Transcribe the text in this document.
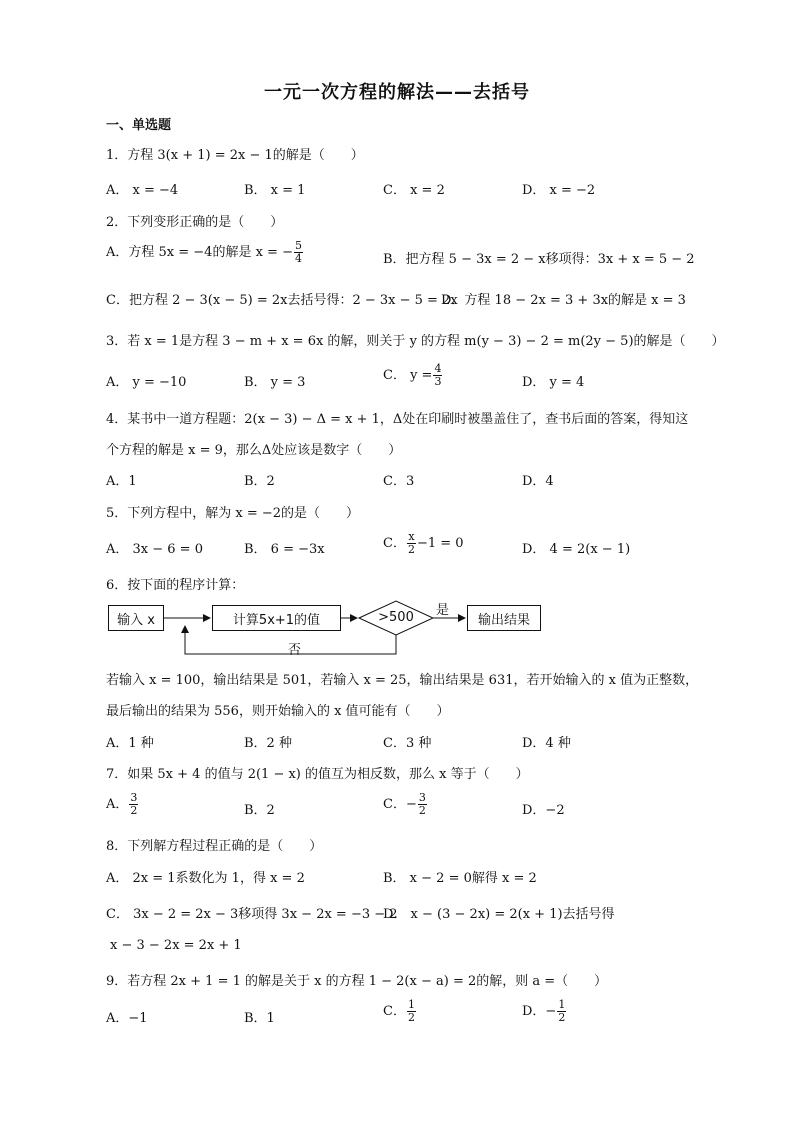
一元一次方程的解法——去括号
一、单选题
1．方程 3(x + 1) = 2x − 1的解是（　　）
A． x = −4	B． x = 1	C． x = 2	D． x = −2
2．下列变形正确的是（　　）
A．方程 5x = −4的解是 x = − $\frac{5}{4}$	B．把方程 5 − 3x = 2 − x移项得：3x + x = 5 − 2
C．把方程 2 − 3(x − 5) = 2x去括号得：2 − 3x − 5 = 2x
D．方程 18 − 2x = 3 + 3x的解是 x = 3
3．若 x = 1是方程 3 − m + x = 6x 的解，则关于 y 的方程 m(y − 3) − 2 = m(2y − 5)的解是（　　）
A． y = −10	B． y = 3	C． $y = \frac{4}{3}$	D． y = 4
4．某书中一道方程题：2(x − 3) − Δ = x + 1，Δ处在印刷时被墨盖住了，查书后面的答案，得知这
个方程的解是 x = 9，那么Δ处应该是数字（　　）
A．1	B．2	C．3	D．4
5．下列方程中，解为 x = −2的是（　　）
A． 3x − 6 = 0	B． 6 = −3x	C． $\frac{x}{2} -1 = 0$	D． 4 = 2(x − 1)
6．按下面的程序计算：
输入 x	计算5x+1的值	>500	是
否
输出结果
若输入 x = 100，输出结果是 501，若输入 x = 25，输出结果是 631，若开始输入的 x 值为正整数，
最后输出的结果为 556，则开始输入的 x 值可能有（　　）
A．1 种	B．2 种	C．3 种	D．4 种
7．如果 5x + 4 的值与 2(1 − x) 的值互为相反数，那么 x 等于（　　）
A． $\frac{3}{2}$	B．2	C．− $\frac{3}{2}$	D．−2
8．下列解方程过程正确的是（　　）
A． 2x = 1系数化为 1，得 x = 2	B． x − 2 = 0解得 x = 2
C． 3x − 2 = 2x − 3移项得 3x − 2x = −3 − 2
D． x − (3 − 2x) = 2(x + 1)去括号得
x − 3 − 2x = 2x + 1
9．若方程 2x + 1 = 1 的解是关于 x 的方程 1 − 2(x − a) = 2的解，则 a =（　　）
A．−1	B．1	C． $\frac{1}{2}$	D．− $\frac{1}{2}$
